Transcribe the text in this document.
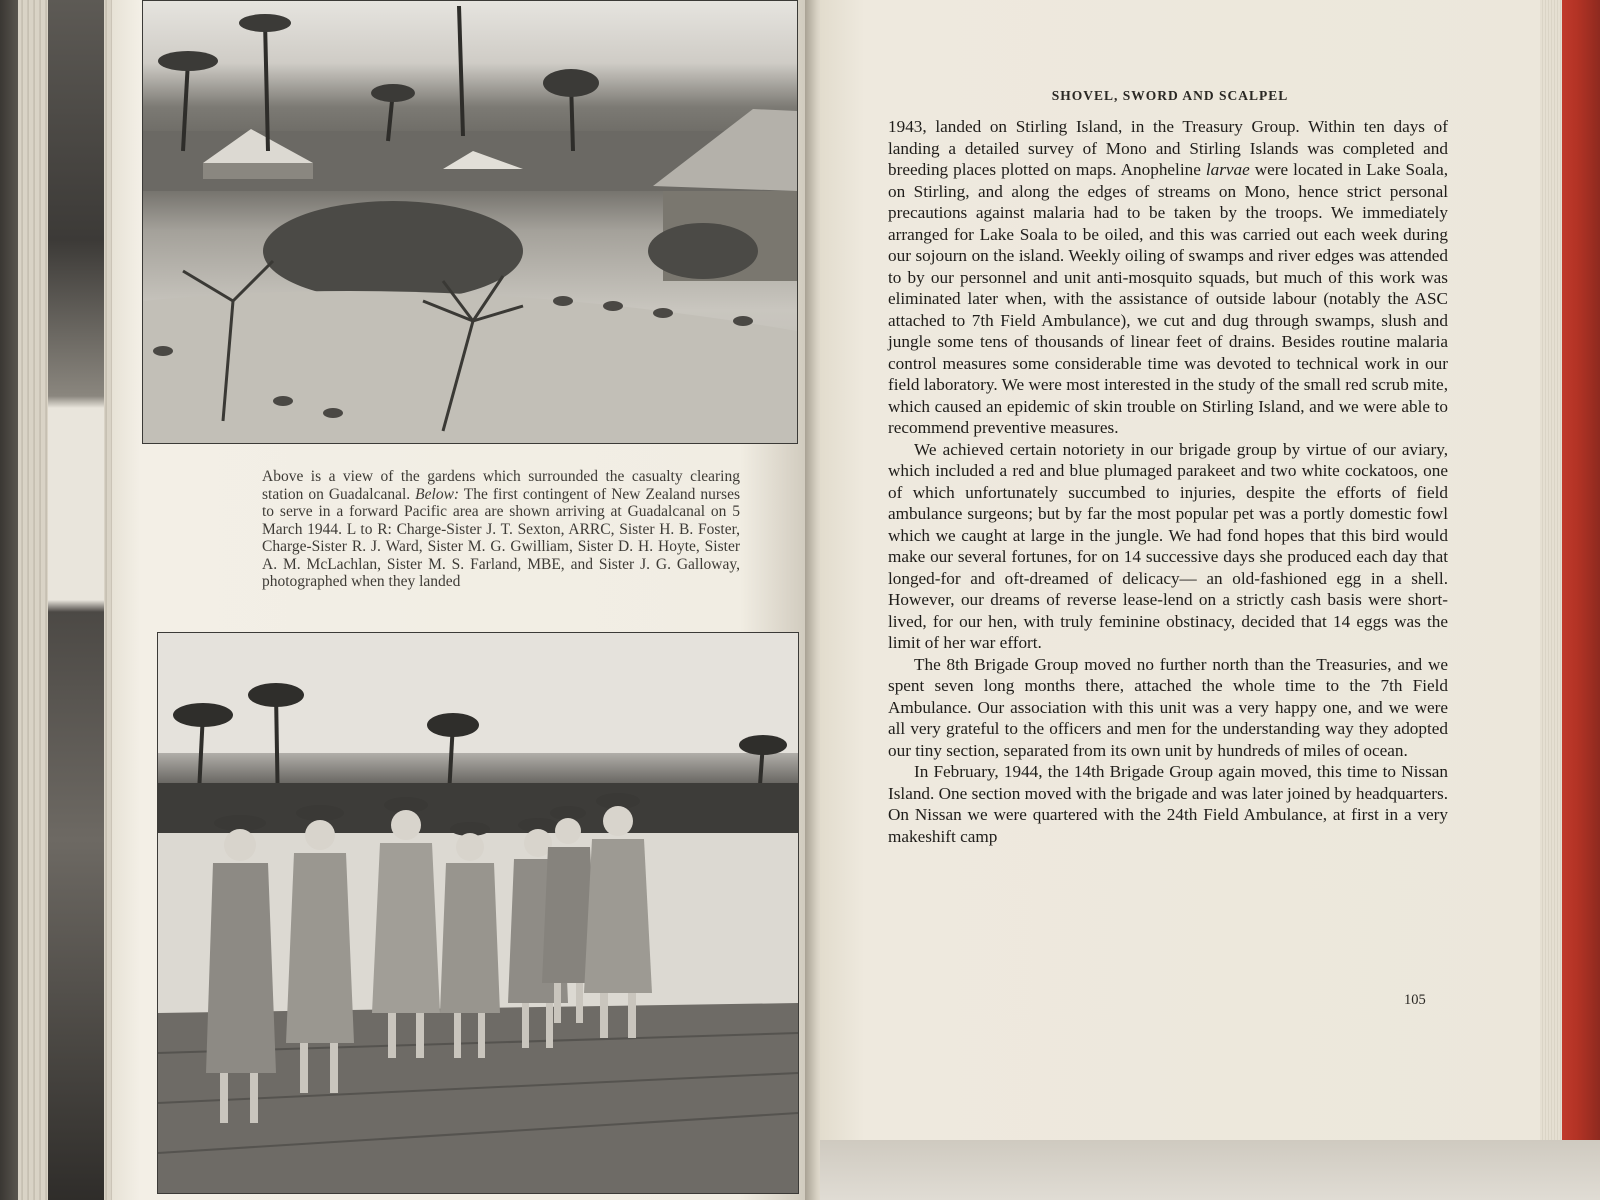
Above is a view of the gardens which surrounded the casualty clearing station on Guadalcanal. Below: The first contingent of New Zealand nurses to serve in a forward Pacific area are shown arriving at Guadalcanal on 5 March 1944. L to R: Charge-Sister J. T. Sexton, ARRC, Sister H. B. Foster, Charge-Sister R. J. Ward, Sister M. G. Gwilliam, Sister D. H. Hoyte, Sister A. M. McLachlan, Sister M. S. Farland, MBE, and Sister J. G. Galloway, photographed when they landed
SHOVEL, SWORD AND SCALPEL

1943, landed on Stirling Island, in the Treasury Group. Within ten days of landing a detailed survey of Mono and Stirling Islands was completed and breeding places plotted on maps. Anopheline larvae were located in Lake Soala, on Stirling, and along the edges of streams on Mono, hence strict personal precautions against malaria had to be taken by the troops. We immediately arranged for Lake Soala to be oiled, and this was carried out each week during our sojourn on the island. Weekly oiling of swamps and river edges was attended to by our personnel and unit anti-mosquito squads, but much of this work was eliminated later when, with the assistance of outside labour (notably the ASC attached to 7th Field Ambulance), we cut and dug through swamps, slush and jungle some tens of thousands of linear feet of drains. Besides routine malaria control measures some considerable time was devoted to technical work in our field laboratory. We were most interested in the study of the small red scrub mite, which caused an epidemic of skin trouble on Stirling Island, and we were able to recommend preventive measures.

We achieved certain notoriety in our brigade group by virtue of our aviary, which included a red and blue plumaged parakeet and two white cockatoos, one of which unfortunately succumbed to injuries, despite the efforts of field ambulance surgeons; but by far the most popular pet was a portly domestic fowl which we caught at large in the jungle. We had fond hopes that this bird would make our several fortunes, for on 14 successive days she produced each day that longed-for and oft-dreamed of delicacy— an old-fashioned egg in a shell. However, our dreams of reverse lease-lend on a strictly cash basis were short-lived, for our hen, with truly feminine obstinacy, decided that 14 eggs was the limit of her war effort.

The 8th Brigade Group moved no further north than the Treasuries, and we spent seven long months there, attached the whole time to the 7th Field Ambulance. Our association with this unit was a very happy one, and we were all very grateful to the officers and men for the understanding way they adopted our tiny section, separated from its own unit by hundreds of miles of ocean.

In February, 1944, the 14th Brigade Group again moved, this time to Nissan Island. One section moved with the brigade and was later joined by headquarters. On Nissan we were quartered with the 24th Field Ambulance, at first in a very makeshift camp

105
